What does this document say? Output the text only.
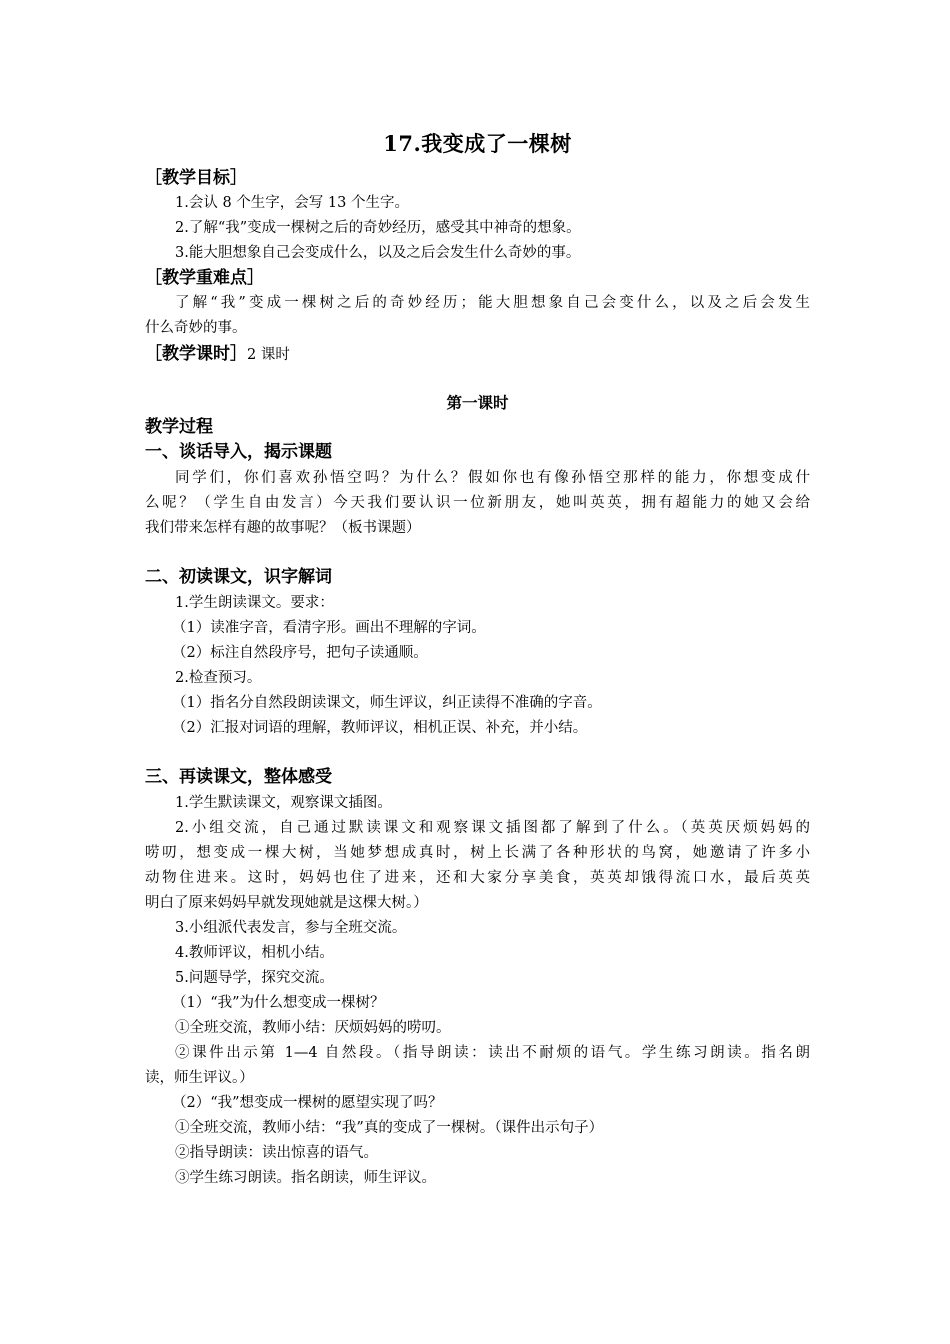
17.我变成了一棵树
［教学目标］
1.会认 8 个生字，会写 13 个生字。
2.了解“我”变成一棵树之后的奇妙经历，感受其中神奇的想象。
3.能大胆想象自己会变成什么，以及之后会发生什么奇妙的事。
［教学重难点］
了解“我”变成一棵树之后的奇妙经历；能大胆想象自己会变什么，以及之后会发生
什么奇妙的事。
［教学课时］2 课时
第一课时
教学过程
一、谈话导入，揭示课题
同学们，你们喜欢孙悟空吗？为什么？假如你也有像孙悟空那样的能力，你想变成什
么呢？（学生自由发言）今天我们要认识一位新朋友，她叫英英，拥有超能力的她又会给
我们带来怎样有趣的故事呢？（板书课题）
二、初读课文，识字解词
1.学生朗读课文。要求：
（1）读准字音，看清字形。画出不理解的字词。
（2）标注自然段序号，把句子读通顺。
2.检查预习。
（1）指名分自然段朗读课文，师生评议，纠正读得不准确的字音。
（2）汇报对词语的理解，教师评议，相机正误、补充，并小结。
三、再读课文，整体感受
1.学生默读课文，观察课文插图。
2.小组交流，自己通过默读课文和观察课文插图都了解到了什么。（英英厌烦妈妈的
唠叨，想变成一棵大树，当她梦想成真时，树上长满了各种形状的鸟窝，她邀请了许多小
动物住进来。这时，妈妈也住了进来，还和大家分享美食，英英却饿得流口水，最后英英
明白了原来妈妈早就发现她就是这棵大树。）
3.小组派代表发言，参与全班交流。
4.教师评议，相机小结。
5.问题导学，探究交流。
（1）“我”为什么想变成一棵树？
①全班交流，教师小结：厌烦妈妈的唠叨。
②课件出示第 1—4 自然段。（指导朗读：读出不耐烦的语气。学生练习朗读。指名朗
读，师生评议。）
（2）“我”想变成一棵树的愿望实现了吗？
①全班交流，教师小结：“我”真的变成了一棵树。（课件出示句子）
②指导朗读：读出惊喜的语气。
③学生练习朗读。指名朗读，师生评议。
